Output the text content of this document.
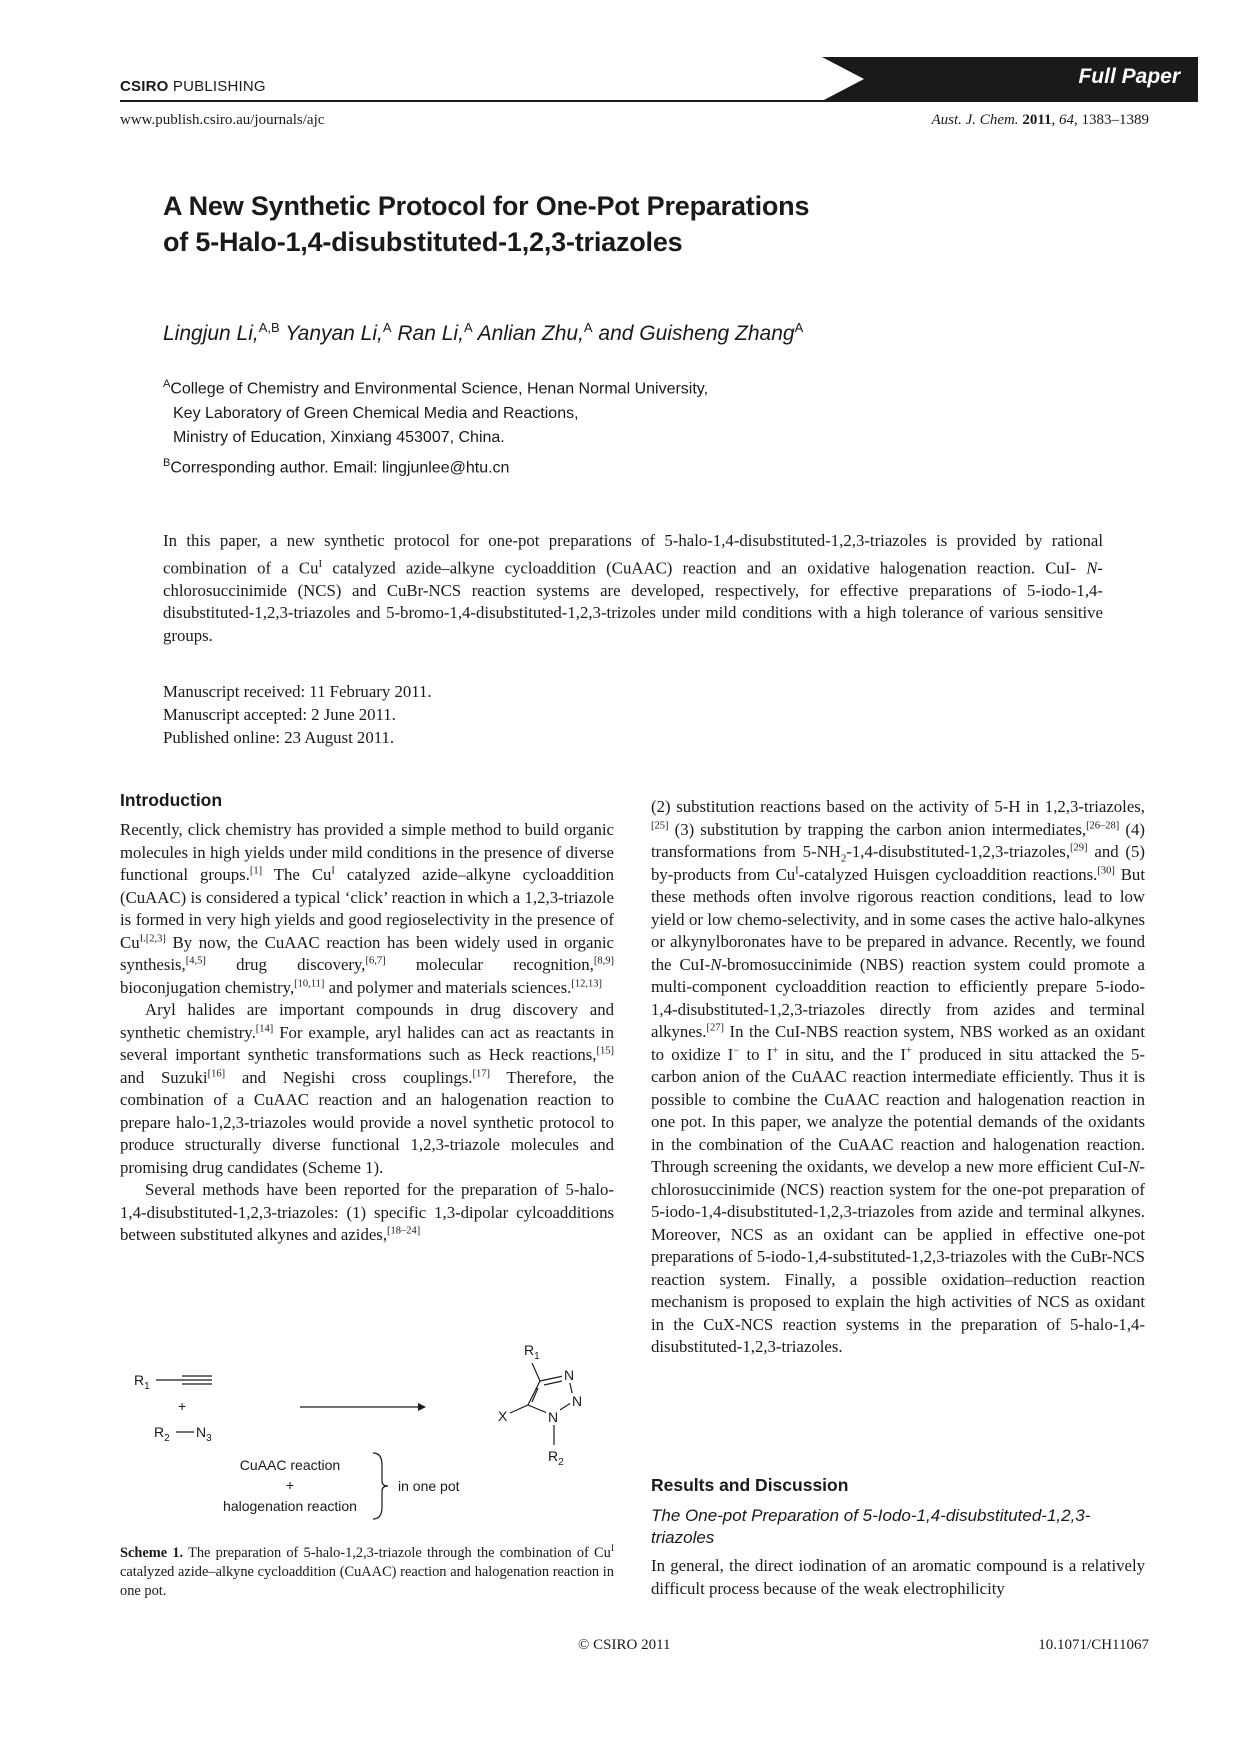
CSIRO PUBLISHING	Full Paper
www.publish.csiro.au/journals/ajc	Aust. J. Chem. 2011, 64, 1383–1389
A New Synthetic Protocol for One-Pot Preparations
of 5-Halo-1,4-disubstituted-1,2,3-triazoles
Lingjun Li,$^{A,B}$ Yanyan Li,$^A$ Ran Li,$^A$ Anlian Zhu,$^A$ and Guisheng Zhang$^A$
$^A$College of Chemistry and Environmental Science, Henan Normal University,
Key Laboratory of Green Chemical Media and Reactions,
Ministry of Education, Xinxiang 453007, China.
$^B$Corresponding author. Email: lingjunlee@htu.cn
In this paper, a new synthetic protocol for one-pot preparations of 5-halo-1,4-disubstituted-1,2,3-triazoles is provided by rational combination of a $Cu^I$ catalyzed azide–alkyne cycloaddition (CuAAC) reaction and an oxidative halogenation reaction. CuI- N-chlorosuccinimide (NCS) and CuBr-NCS reaction systems are developed, respectively, for effective preparations of 5-iodo-1,4-disubstituted-1,2,3-triazoles and 5-bromo-1,4-disubstituted-1,2,3-trizoles under mild conditions with a high tolerance of various sensitive groups.
Manuscript received: 11 February 2011.
Manuscript accepted: 2 June 2011.
Published online: 23 August 2011.
Introduction

Recently, click chemistry has provided a simple method to build organic molecules in high yields under mild conditions in the presence of diverse functional groups.[1] The $Cu^I$ catalyzed azide–alkyne cycloaddition (CuAAC) is considered a typical ‘click’ reaction in which a 1,2,3-triazole is formed in very high yields and good regioselectivity in the presence of $Cu^{I.[2,3]}$ By now, the CuAAC reaction has been widely used in organic synthesis,[4,5] drug discovery,[6,7] molecular recognition,[8,9] bioconjugation chemistry,[10,11] and polymer and materials sciences.[12,13]

Aryl halides are important compounds in drug discovery and synthetic chemistry.[14] For example, aryl halides can act as reactants in several important synthetic transformations such as Heck reactions,[15] and Suzuki[16] and Negishi cross couplings.[17] Therefore, the combination of a CuAAC reaction and an halogenation reaction to prepare halo-1,2,3-triazoles would provide a novel synthetic protocol to produce structurally diverse functional 1,2,3-triazole molecules and promising drug candidates (Scheme 1).

Several methods have been reported for the preparation of 5-halo-1,4-disubstituted-1,2,3-triazoles: (1) specific 1,3-dipolar cylcoadditions between substituted alkynes and azides,[18–24]

$R_1$
+
$R_2$ $N_3$
$R_1$
N
N
N
X
$R_2$
CuAAC reaction
+
halogenation reaction
in one pot
Scheme 1. The preparation of 5-halo-1,2,3-triazole through the combination of $Cu^I$ catalyzed azide–alkyne cycloaddition (CuAAC) reaction and halogenation reaction in one pot.

(2) substitution reactions based on the activity of 5-H in 1,2,3-triazoles,[25] (3) substitution by trapping the carbon anion intermediates,[26–28] (4) transformations from $5-NH_2-1,4-disubstituted-1,2,3-triazoles,[29]$ and (5) by-products from $Cu^I$-catalyzed Huisgen cycloaddition reactions.[30] But these methods often involve rigorous reaction conditions, lead to low yield or low chemo-selectivity, and in some cases the active halo-alkynes or alkynylboronates have to be prepared in advance. Recently, we found the CuI-N-bromosuccinimide (NBS) reaction system could promote a multi-component cycloaddition reaction to efficiently prepare 5-iodo-1,4-disubstituted-1,2,3-triazoles directly from azides and terminal alkynes.[27] In the CuI-NBS reaction system, NBS worked as an oxidant to oxidize I− to I+ in situ, and the I+ produced in situ attacked the 5-carbon anion of the CuAAC reaction intermediate efficiently. Thus it is possible to combine the CuAAC reaction and halogenation reaction in one pot. In this paper, we analyze the potential demands of the oxidants in the combination of the CuAAC reaction and halogenation reaction. Through screening the oxidants, we develop a new more efficient CuI-N-chlorosuccinimide (NCS) reaction system for the one-pot preparation of 5-iodo-1,4-disubstituted-1,2,3-triazoles from azide and terminal alkynes. Moreover, NCS as an oxidant can be applied in effective one-pot preparations of 5-iodo-1,4-substituted-1,2,3-triazoles with the CuBr-NCS reaction system. Finally, a possible oxidation–reduction reaction mechanism is proposed to explain the high activities of NCS as oxidant in the CuX-NCS reaction systems in the preparation of 5-halo-1,4-disubstituted-1,2,3-triazoles.

Results and Discussion
The One-pot Preparation of 5-Iodo-1,4-disubstituted-1,2,3-triazoles

In general, the direct iodination of an aromatic compound is a relatively difficult process because of the weak electrophilicity

© CSIRO 2011	10.1071/CH11067
